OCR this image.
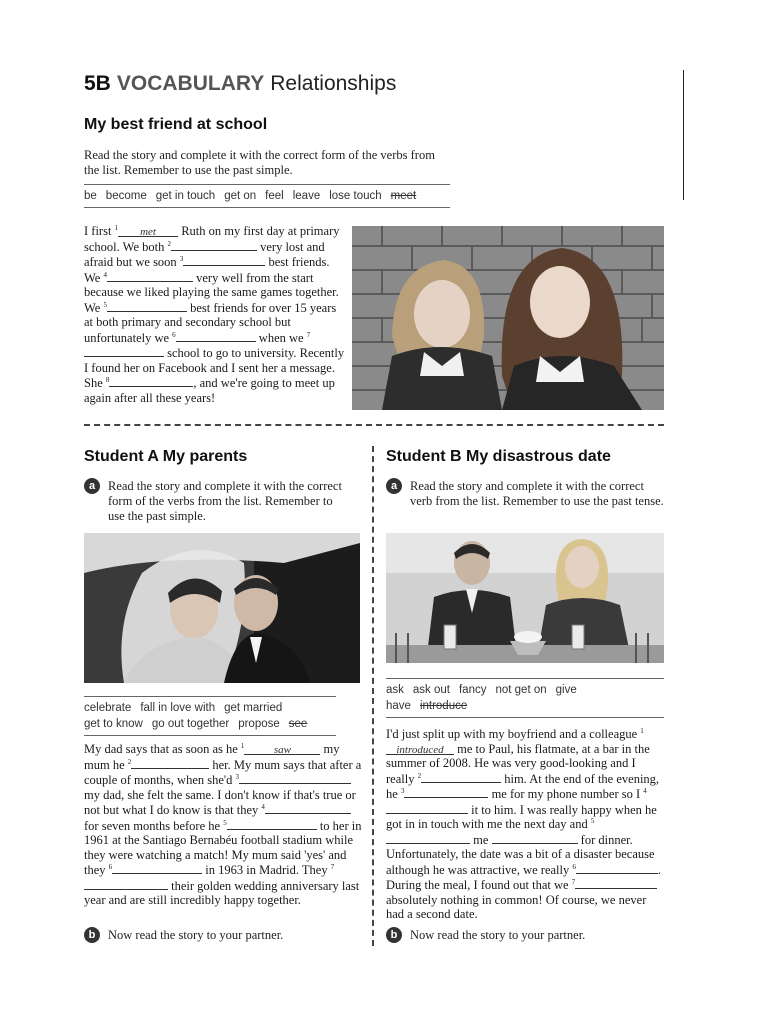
5B VOCABULARY Relationships
My best friend at school
Read the story and complete it with the correct form of the verbs from the list. Remember to use the past simple.
be become get in touch get on feel leave lose touch meet
I first $^1$ met Ruth on my first day at primary school. We both $^2$	very lost and afraid but we soon $^3$	best friends. We $^4$	very well from the start because we liked playing the same games together. We $^5$	best friends for over 15 years at both primary and secondary school but unfortunately we $^6$	when we $^7$ school to go to university. Recently I found her on Facebook and I sent her a message. She $^8$	, and we're going to meet up again after all these years!
Student A My parents
a Read the story and complete it with the correct form of the verbs from the list. Remember to use the past simple.
celebrate fall in love with get married
get to know go out together propose see
My dad says that as soon as he $^1$	saw my mum he $^2$	her. My mum says that after a couple of months, when she'd $^3$ my dad, she felt the same. I don't know if that's true or not but what I do know is that they $^4$ for seven months before he $^5$	to her in 1961 at the Santiago Bernabéu football stadium while they were watching a match! My mum said 'yes' and they $^6$	in 1963 in Madrid. They $^7$ their golden wedding anniversary last year and are still incredibly happy together.
b Now read the story to your partner.
Student B My disastrous date
a Read the story and complete it with the correct verb from the list. Remember to use the past tense.
ask ask out fancy not get on give
have introduce
I'd just split up with my boyfriend and a colleague $^1$introduced me to Paul, his flatmate, at a bar in the summer of 2008. He was very good-looking and I really $^2$	him. At the end of the evening, he $^3$	me for my phone number so I $^4$ it to him. I was really happy when he got in in touch with me the next day and $^5$ me	for dinner. Unfortunately, the date was a bit of a disaster because although he was attractive, we really $^6$	. During the meal, I found out that we $^7$ absolutely nothing in common! Of course, we never had a second date.
b Now read the story to your partner.
